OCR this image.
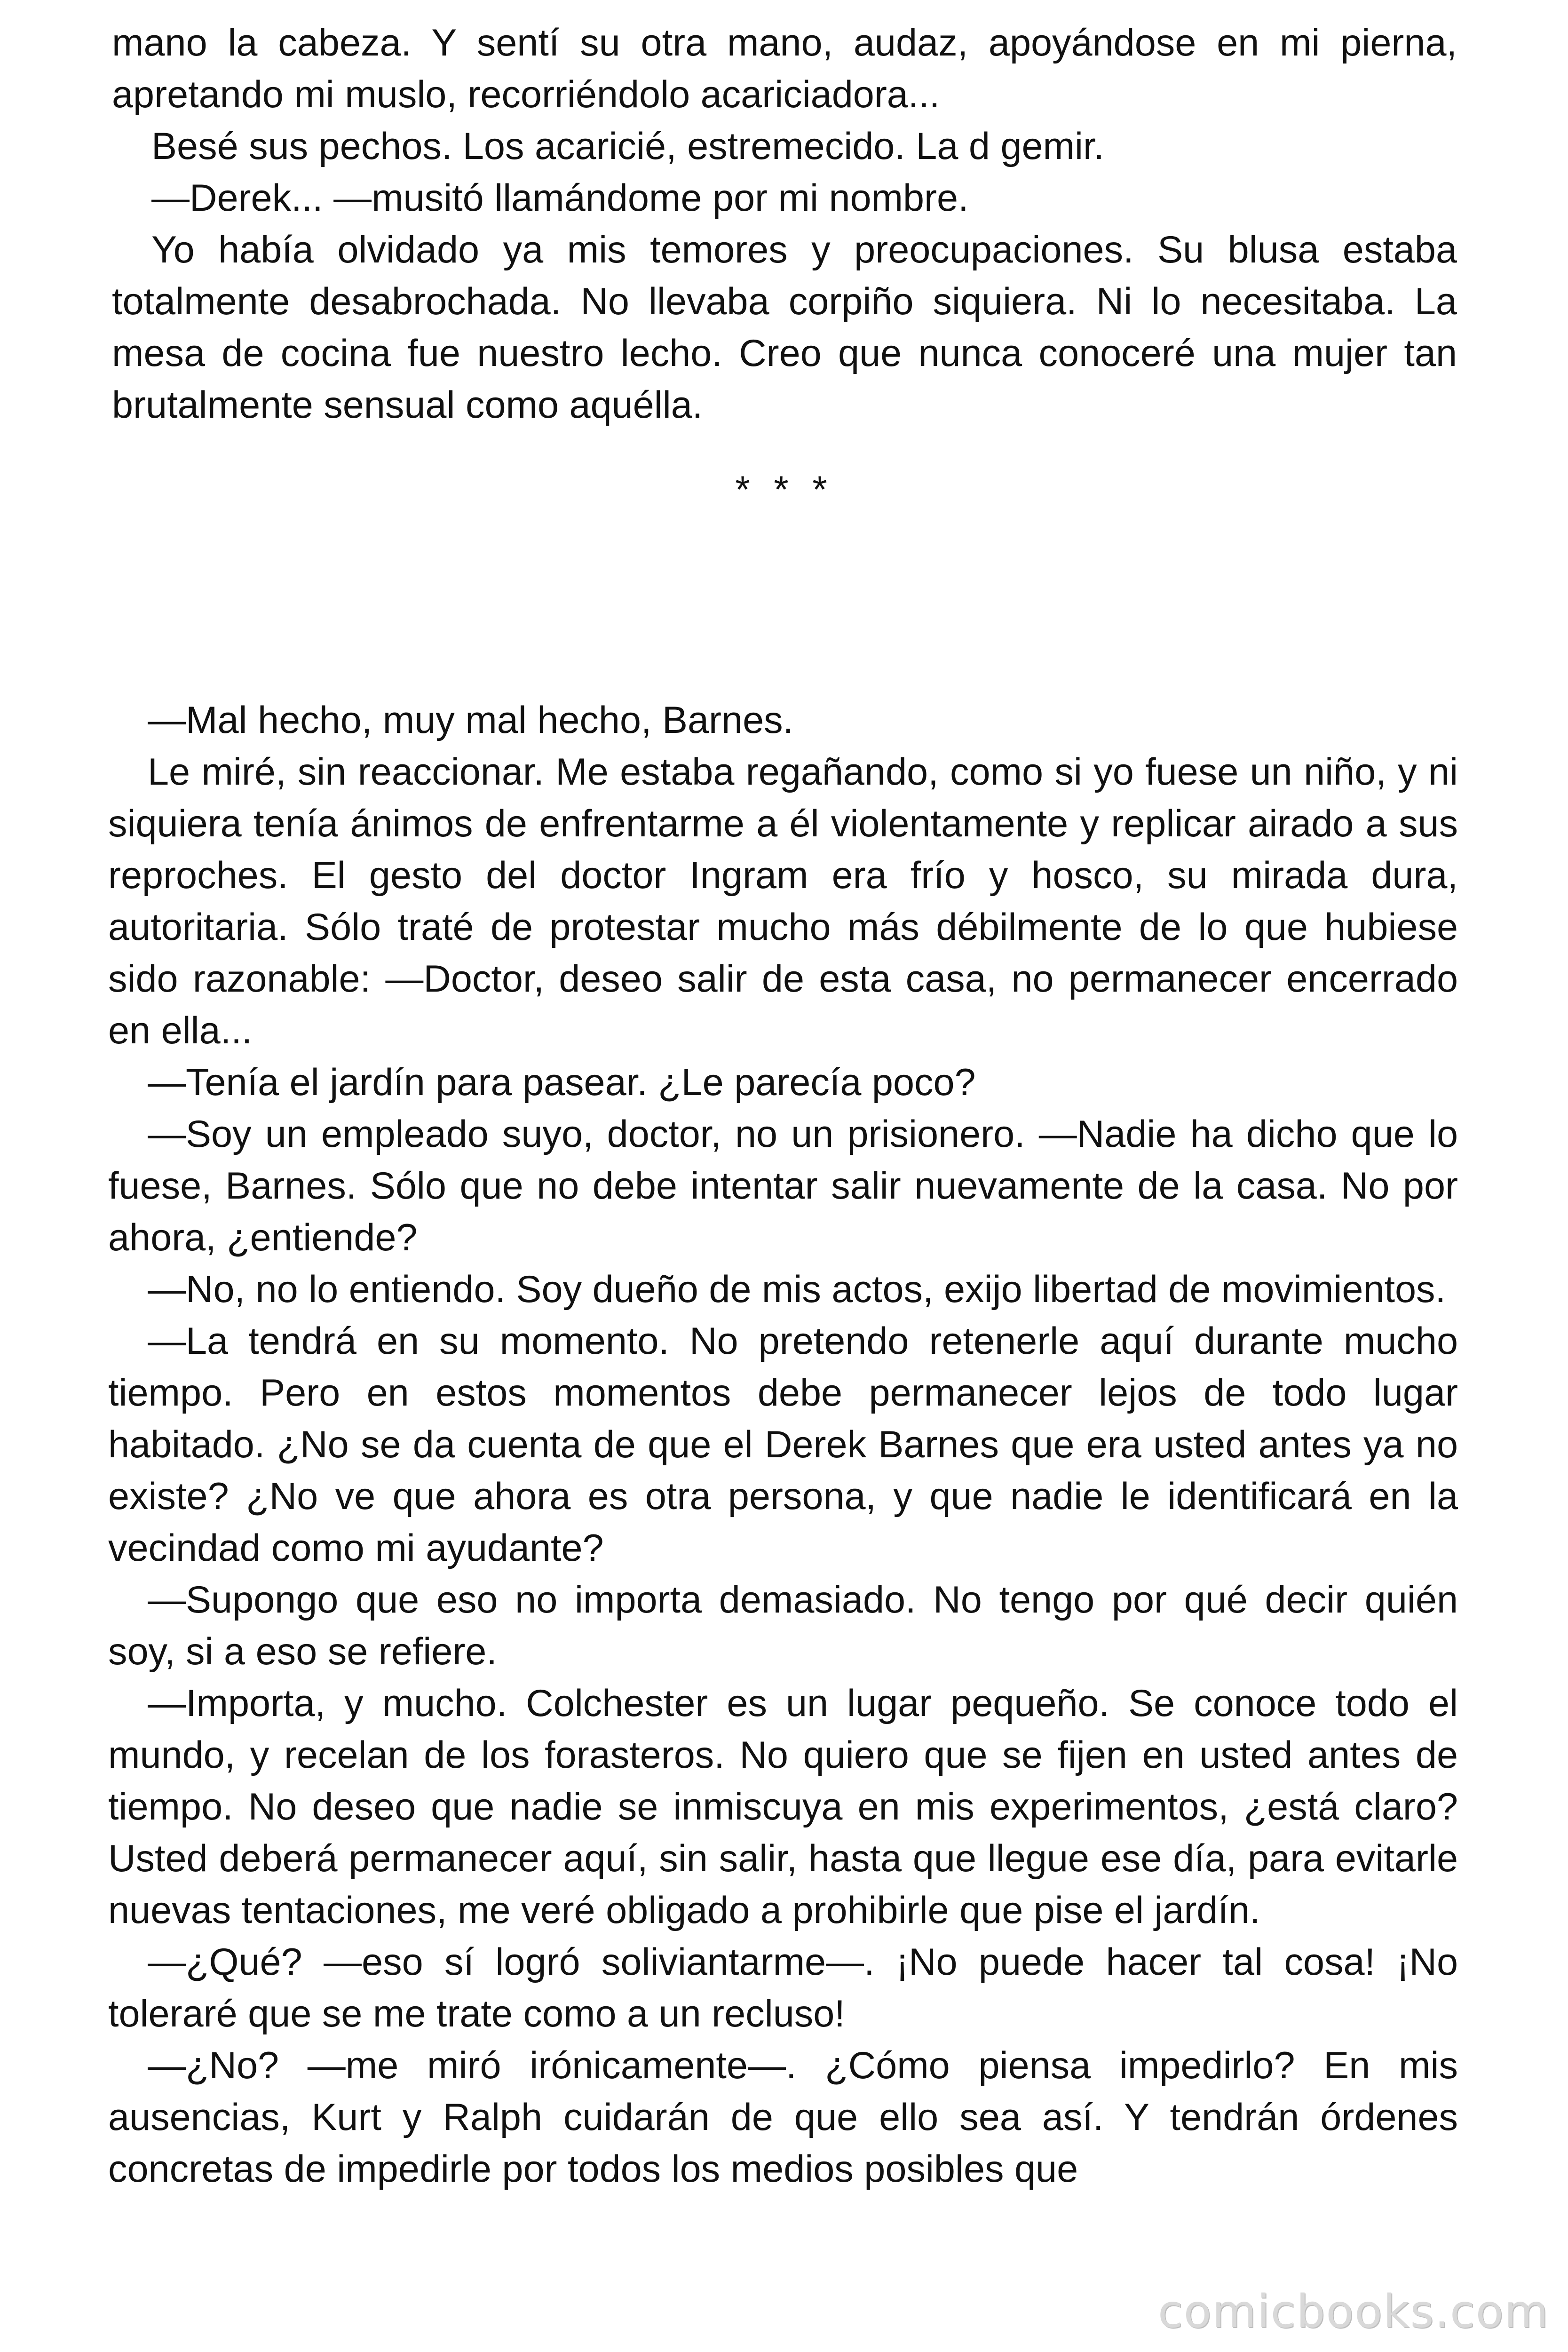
mano la cabeza. Y sentí su otra mano, audaz, apoyándose en mi pierna, apretando mi muslo, recorriéndolo acariciadora...

Besé sus pechos. Los acaricié, estremecido. La d gemir.

—Derek... —musitó llamándome por mi nombre.

Yo había olvidado ya mis temores y preocupaciones. Su blusa estaba totalmente desabrochada. No llevaba corpiño siquiera. Ni lo necesitaba. La mesa de cocina fue nuestro lecho. Creo que nunca conoceré una mujer tan brutalmente sensual como aquélla.

* * *

—Mal hecho, muy mal hecho, Barnes.

Le miré, sin reaccionar. Me estaba regañando, como si yo fuese un niño, y ni siquiera tenía ánimos de enfrentarme a él violentamente y replicar airado a sus reproches. El gesto del doctor Ingram era frío y hosco, su mirada dura, autoritaria. Sólo traté de protestar mucho más débilmente de lo que hubiese sido razonable: —Doctor, deseo salir de esta casa, no permanecer encerrado en ella...

—Tenía el jardín para pasear. ¿Le parecía poco?

—Soy un empleado suyo, doctor, no un prisionero. —Nadie ha dicho que lo fuese, Barnes. Sólo que no debe intentar salir nuevamente de la casa. No por ahora, ¿entiende?

—No, no lo entiendo. Soy dueño de mis actos, exijo libertad de movimientos.

—La tendrá en su momento. No pretendo retenerle aquí durante mucho tiempo. Pero en estos momentos debe permanecer lejos de todo lugar habitado. ¿No se da cuenta de que el Derek Barnes que era usted antes ya no existe? ¿No ve que ahora es otra persona, y que nadie le identificará en la vecindad como mi ayudante?

—Supongo que eso no importa demasiado. No tengo por qué decir quién soy, si a eso se refiere.

—Importa, y mucho. Colchester es un lugar pequeño. Se conoce todo el mundo, y recelan de los forasteros. No quiero que se fijen en usted antes de tiempo. No deseo que nadie se inmiscuya en mis experimentos, ¿está claro? Usted deberá permanecer aquí, sin salir, hasta que llegue ese día, para evitarle nuevas tentaciones, me veré obligado a prohibirle que pise el jardín.

—¿Qué? —eso sí logró soliviantarme—. ¡No puede hacer tal cosa! ¡No toleraré que se me trate como a un recluso!

—¿No? —me miró irónicamente—. ¿Cómo piensa impedirlo? En mis ausencias, Kurt y Ralph cuidarán de que ello sea así. Y tendrán órdenes concretas de impedirle por todos los medios posibles que

comicbooks.com
